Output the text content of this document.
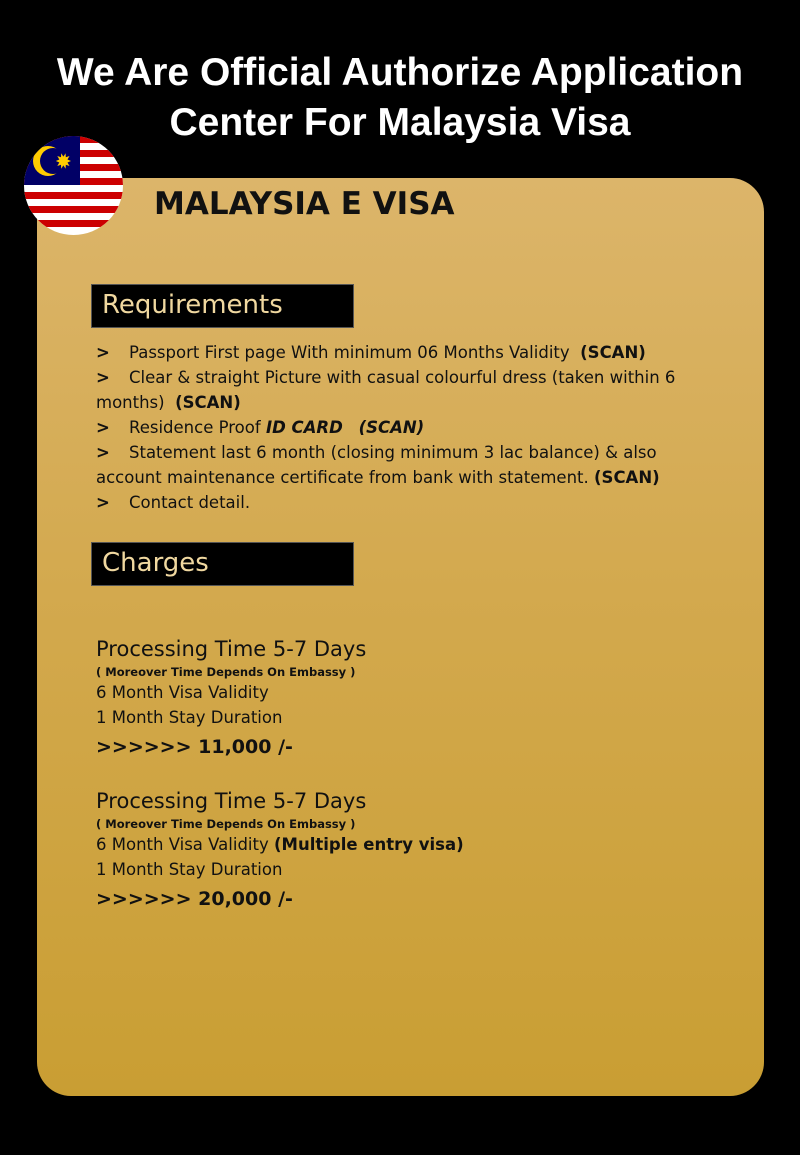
We Are Official Authorize Application
Center For Malaysia Visa
MALAYSIA E VISA
Requirements

> Passport First page With minimum 06 Months Validity (SCAN)

> Clear & straight Picture with casual colourful dress (taken within 6 months) (SCAN)

> Residence Proof ID CARD (SCAN)

> Statement last 6 month (closing minimum 3 lac balance) & also account maintenance certificate from bank with statement. (SCAN)

> Contact detail.

Charges
Processing Time 5-7 Days
( Moreover Time Depends On Embassy )
6 Month Visa Validity
1 Month Stay Duration
>>>>>> 11,000 /-
Processing Time 5-7 Days
( Moreover Time Depends On Embassy )
6 Month Visa Validity (Multiple entry visa)
1 Month Stay Duration
>>>>>> 20,000 /-
